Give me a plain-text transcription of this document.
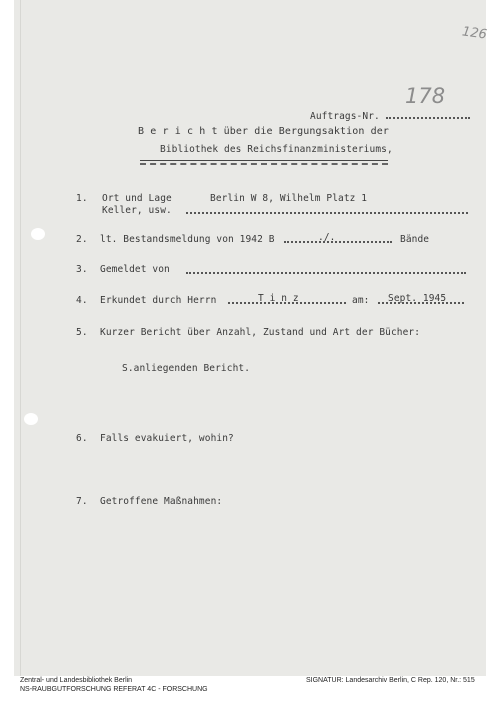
126
178
Auftrags-Nr.
B e r i c h t über die Bergungsaktion der
Bibliothek des Reichsfinanzministeriums,
1. Ort und Lage
Keller, usw.
Berlin W 8, Wilhelm Platz 1
2. lt. Bestandsmeldung von 1942 B	./.	Bände
3. Gemeldet von
4. Erkundet durch Herrn	T i n z	am: Sept. 1945
5. Kurzer Bericht über Anzahl, Zustand und Art der Bücher:
S.anliegenden Bericht.
6. Falls evakuiert, wohin?
7. Getroffene Maßnahmen:
Zentral- und Landesbibliothek Berlin
NS-RAUBGUTFORSCHUNG REFERAT 4C - FORSCHUNG
SIGNATUR: Landesarchiv Berlin, C Rep. 120, Nr.: 515
